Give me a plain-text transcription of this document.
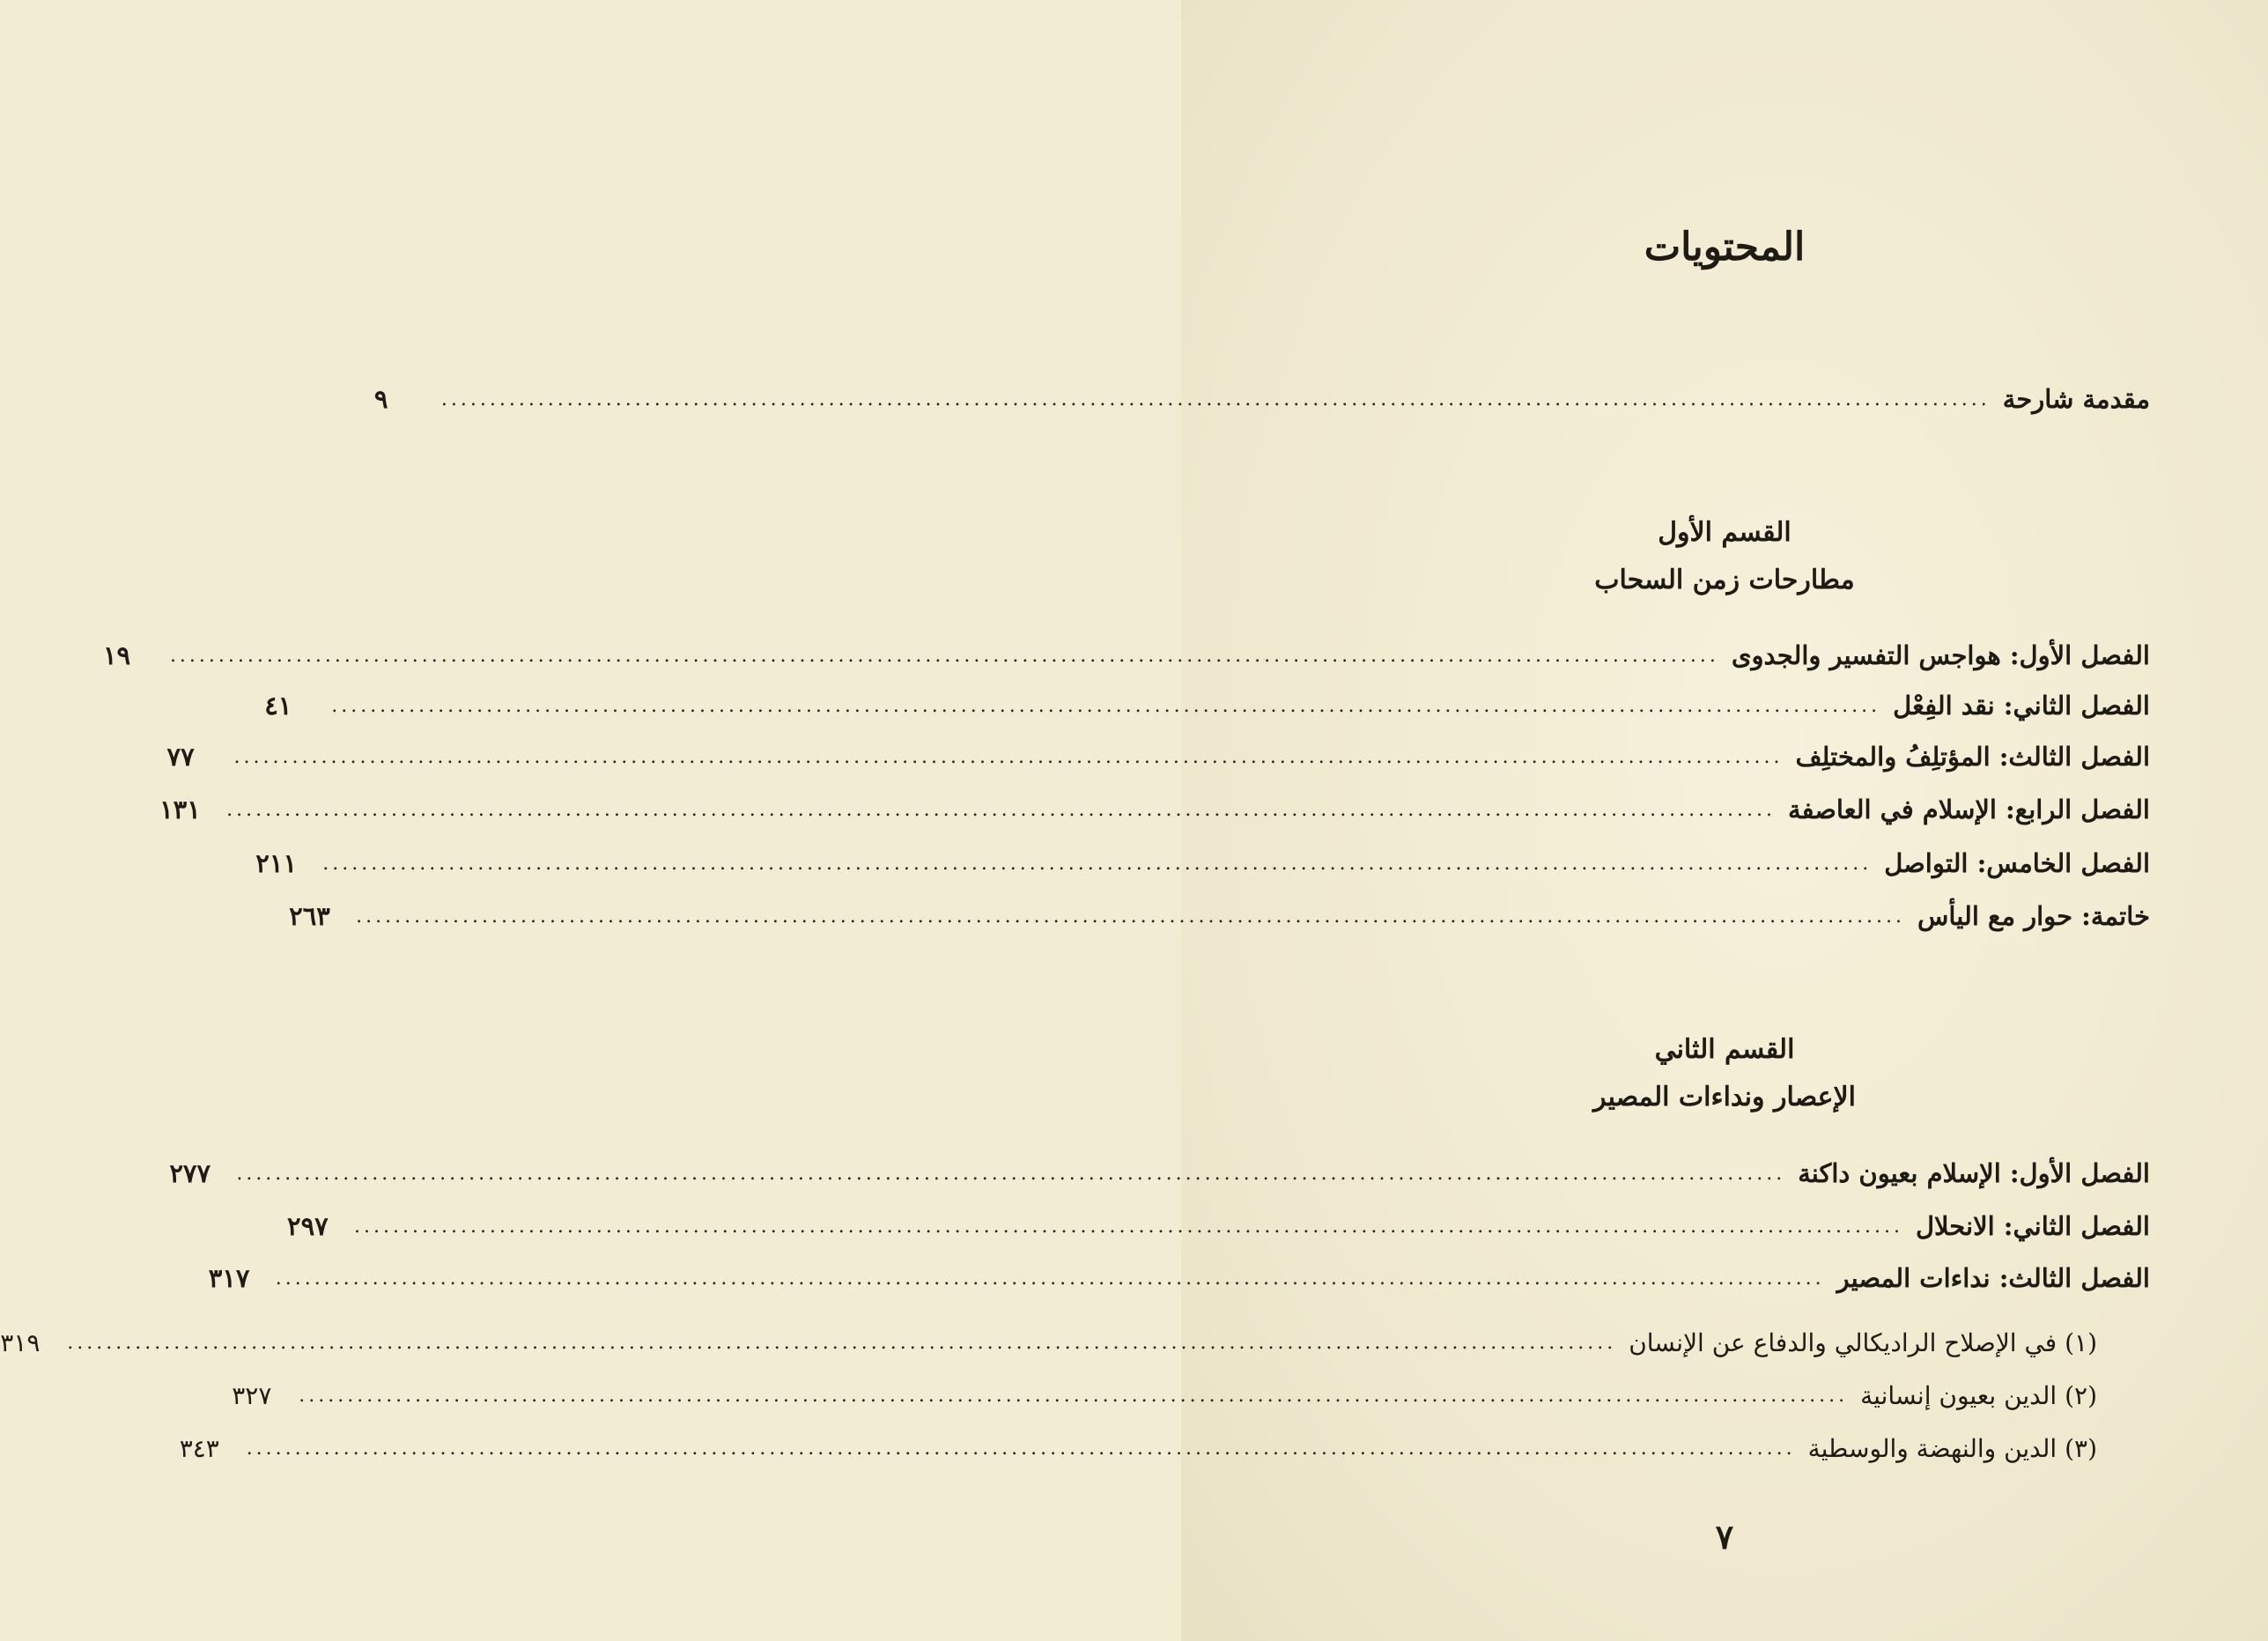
المحتويات
مقدمة شارحة
................................................................................................................................................................
٩
القسم الأول
مطارحات زمن السحاب
الفصل الأول: هواجس التفسير والجدوى
................................................................................................................................................................
١٩
الفصل الثاني: نقد الفِعْل
................................................................................................................................................................
٤١
الفصل الثالث: المؤتلِفُ والمختلِف
................................................................................................................................................................
٧٧
الفصل الرابع: الإسلام في العاصفة
................................................................................................................................................................
١٣١
الفصل الخامس: التواصل
................................................................................................................................................................
٢١١
خاتمة: حوار مع اليأس
................................................................................................................................................................
٢٦٣
القسم الثاني
الإعصار ونداءات المصير
الفصل الأول: الإسلام بعيون داكنة
................................................................................................................................................................
٢٧٧
الفصل الثاني: الانحلال
................................................................................................................................................................
٢٩٧
الفصل الثالث: نداءات المصير
................................................................................................................................................................
٣١٧
(١) في الإصلاح الراديكالي والدفاع عن الإنسان
................................................................................................................................................................
٣١٩
(٢) الدين بعيون إنسانية
................................................................................................................................................................
٣٢٧
(٣) الدين والنهضة والوسطية
................................................................................................................................................................
٣٤٣
٧
